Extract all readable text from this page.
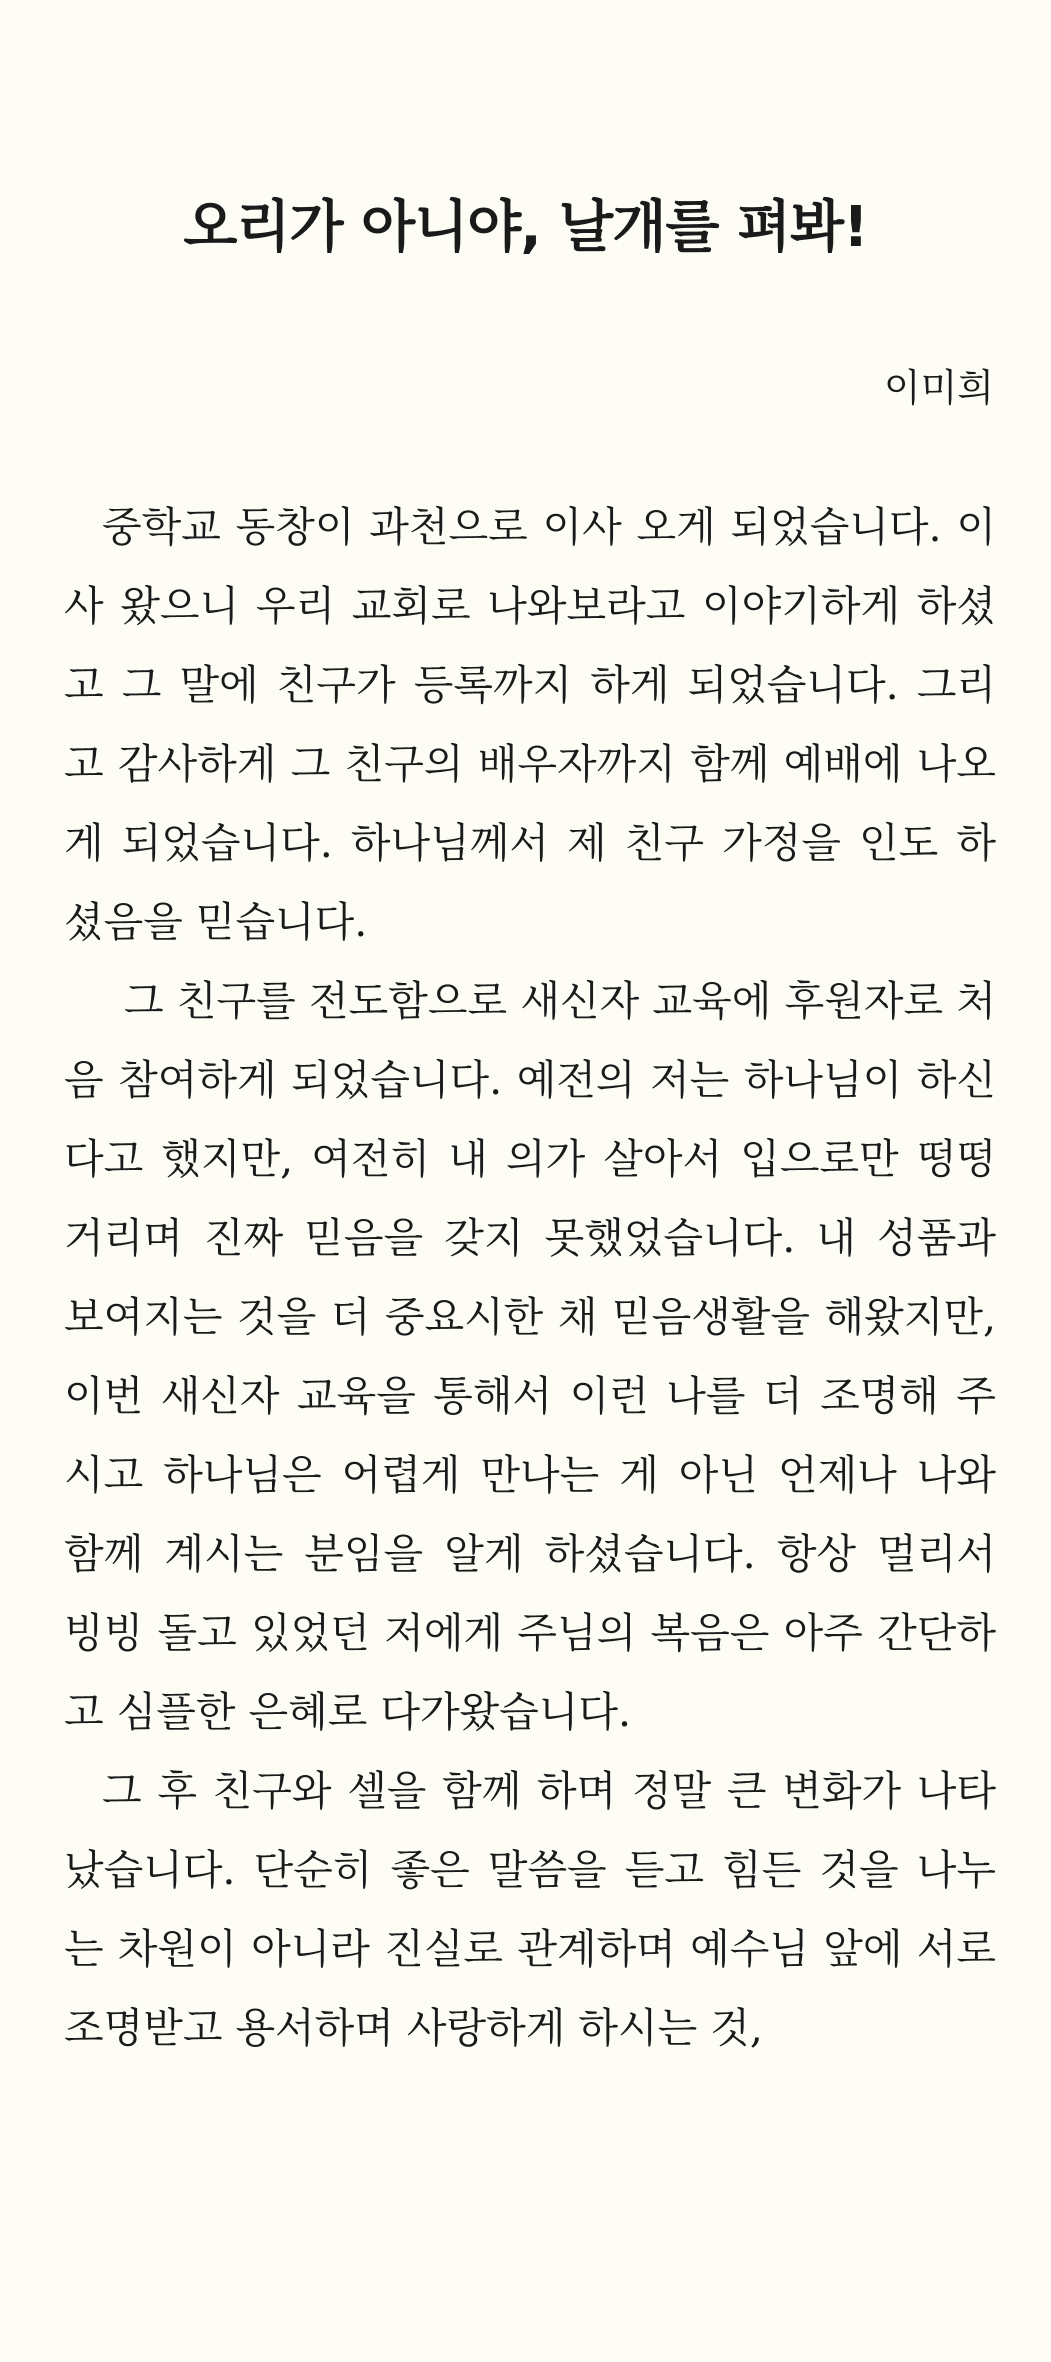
오리가 아니야, 날개를 펴봐!

이미희

중학교 동창이 과천으로 이사 오게 되었습니다. 이사 왔으니 우리 교회로 나와보라고 이야기하게 하셨고 그 말에 친구가 등록까지 하게 되었습니다. 그리고 감사하게 그 친구의 배우자까지 함께 예배에 나오게 되었습니다. 하나님께서 제 친구 가정을 인도 하셨음을 믿습니다.

그 친구를 전도함으로 새신자 교육에 후원자로 처음 참여하게 되었습니다. 예전의 저는 하나님이 하신다고 했지만, 여전히 내 의가 살아서 입으로만 떵떵거리며 진짜 믿음을 갖지 못했었습니다. 내 성품과 보여지는 것을 더 중요시한 채 믿음생활을 해왔지만, 이번 새신자 교육을 통해서 이런 나를 더 조명해 주시고 하나님은 어렵게 만나는 게 아닌 언제나 나와 함께 계시는 분임을 알게 하셨습니다. 항상 멀리서 빙빙 돌고 있었던 저에게 주님의 복음은 아주 간단하고 심플한 은혜로 다가왔습니다.

그 후 친구와 셀을 함께 하며 정말 큰 변화가 나타났습니다. 단순히 좋은 말씀을 듣고 힘든 것을 나누는 차원이 아니라 진실로 관계하며 예수님 앞에 서로 조명받고 용서하며 사랑하게 하시는 것,
